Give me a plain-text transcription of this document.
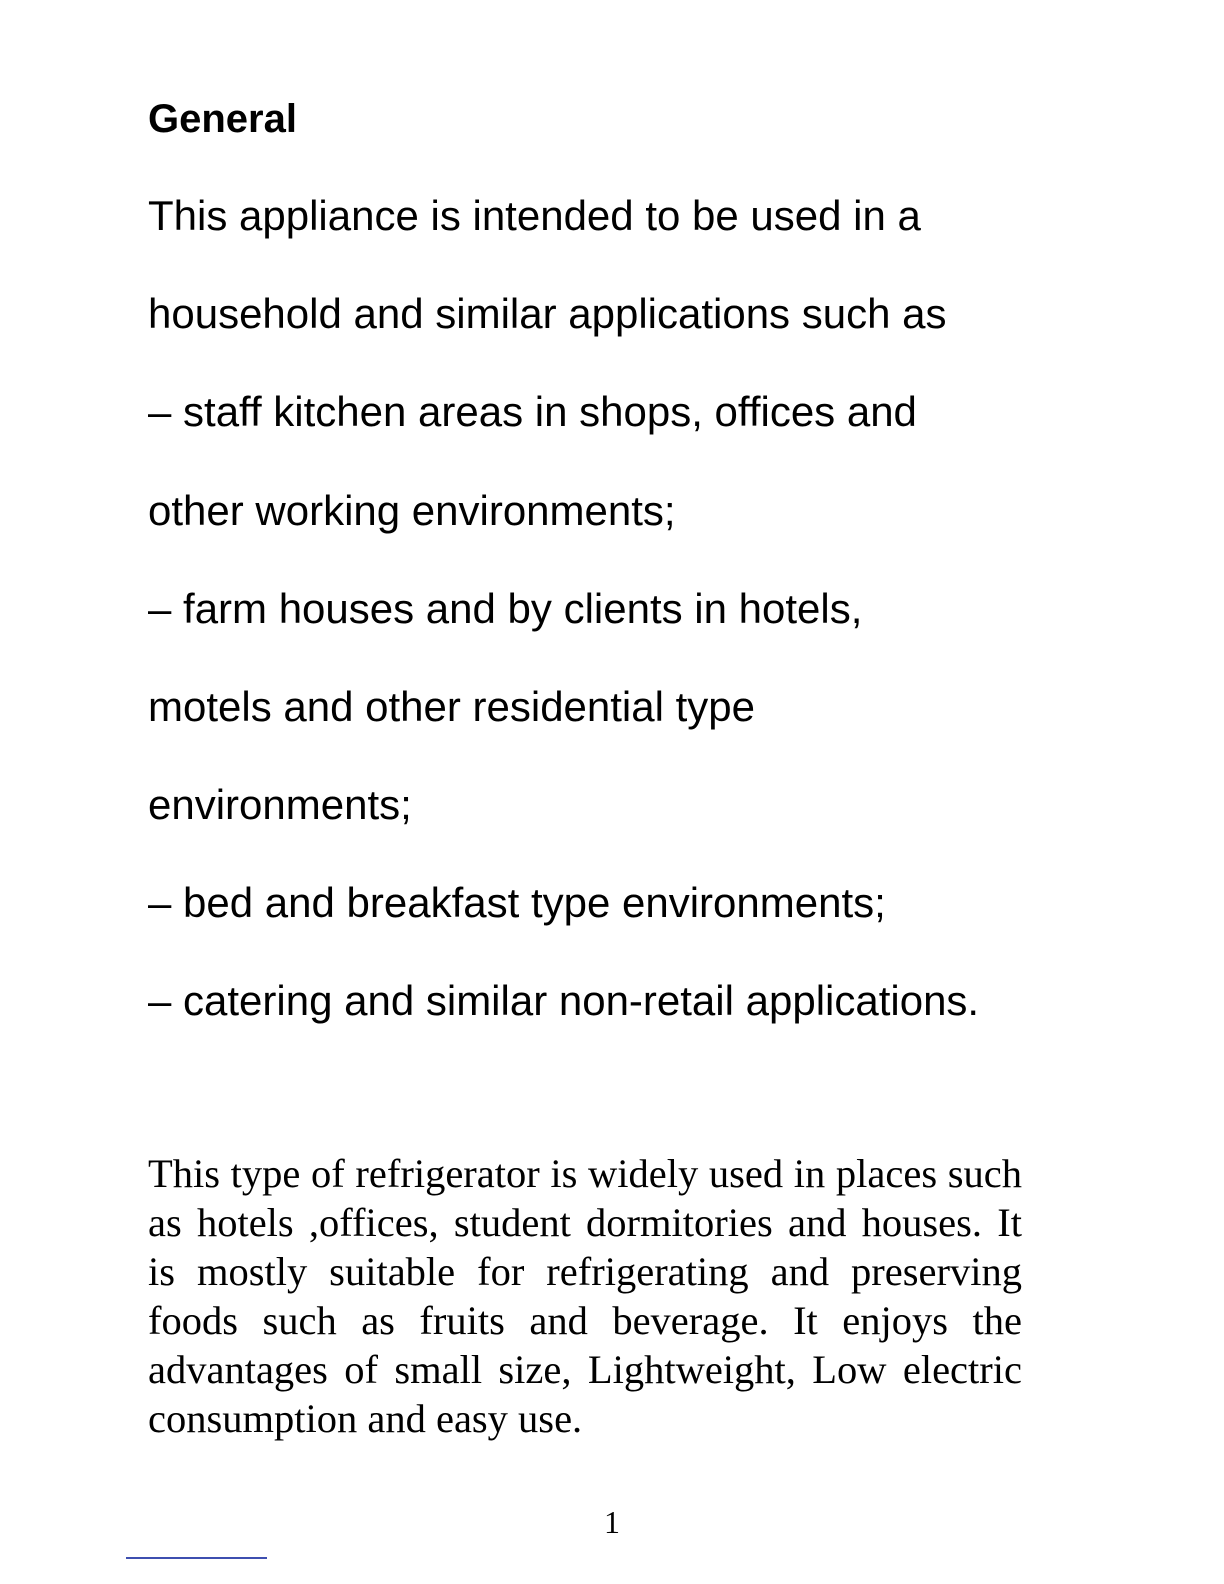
General

This appliance is intended to be used in a

household and similar applications such as

– staff kitchen areas in shops, offices and

other working environments;

– farm houses and by clients in hotels,

motels and other residential type

environments;

– bed and breakfast type environments;

– catering and similar non-retail applications.

This type of refrigerator is widely used in places such as hotels ,offices, student dormitories and houses. It is mostly suitable for refrigerating and preserving foods such as fruits and beverage. It enjoys the advantages of small size, Lightweight, Low electric consumption and easy use.

1
